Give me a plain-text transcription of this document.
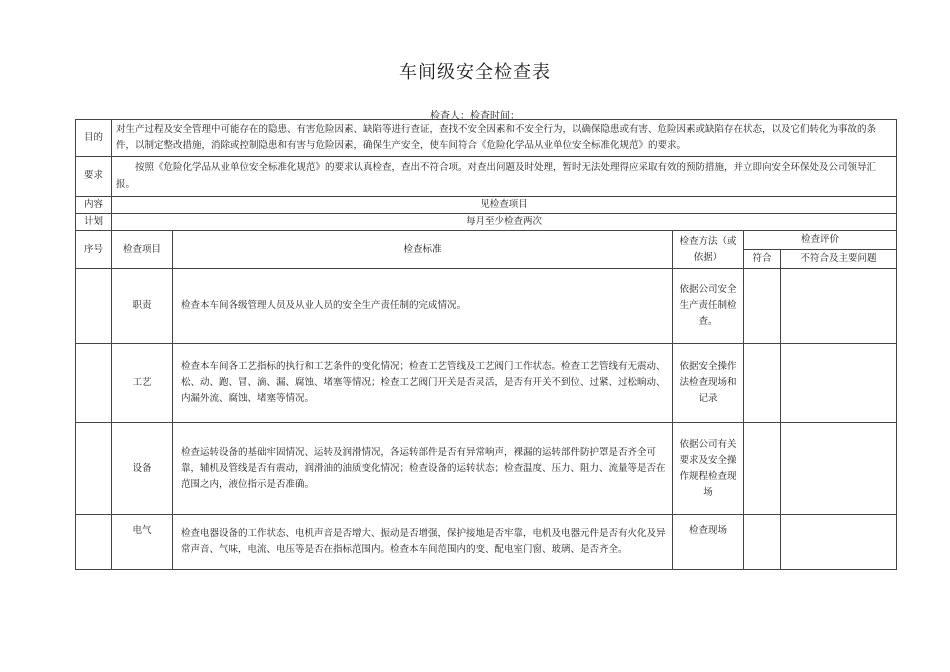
车间级安全检查表
检查人：检查时间：
目的	对生产过程及安全管理中可能存在的隐患、有害危险因素、缺陷等进行查证，查找不安全因素和不安全行为，以确保隐患或有害、危险因素或缺陷存在状态，以及它们转化为事故的条件，以制定整改措施，消除或控制隐患和有害与危险因素，确保生产安全，使车间符合《危险化学品从业单位安全标准化规范》的要求。				
要求	按照《危险化学品从业单位安全标准化规范》的要求认真检查，查出不符合项。对查出问题及时处理，暂时无法处理得应采取有效的预防措施，并立即向安全环保处及公司领导汇报。				
内容	见检查项目				
计划	每月至少检查两次				
序号	检查项目	检查标准	检查方法（或依据）	检查评价	
				符合	不符合及主要问题
	职责	检查本车间各级管理人员及从业人员的安全生产责任制的完成情况。	依据公司安全生产责任制检查。		
	工艺	检查本车间各工艺指标的执行和工艺条件的变化情况；检查工艺管线及工艺阀门工作状态。检查工艺管线有无震动、松、动、跑、冒、滴、漏、腐蚀、堵塞等情况；检查工艺阀门开关是否灵活，是否有开关不到位、过紧、过松晌动、内漏外流、腐蚀、堵塞等情况。	依据安全操作法检查现场和记录		
	设备	检查运转设备的基础牢固情况、运转及润滑情况，各运转部件是否有异常响声，裸漏的运转部件防护罩是否齐全可靠，辅机及管线是否有震动，润滑油的油质变化情况；检查设备的运转状态；检查温度、压力、阻力、流量等是否在范围之内，液位指示是否准确。	依据公司有关要求及安全操作规程检查现场		
	电气	检查电器设备的工作状态、电机声音是否增大、振动是否增强，保护接地是否牢靠，电机及电器元件是否有火化及异常声音、气味，电流、电压等是否在指标范围内。检查本车间范围内的变、配电室门窗、玻璃、是否齐全。	检查现场		
